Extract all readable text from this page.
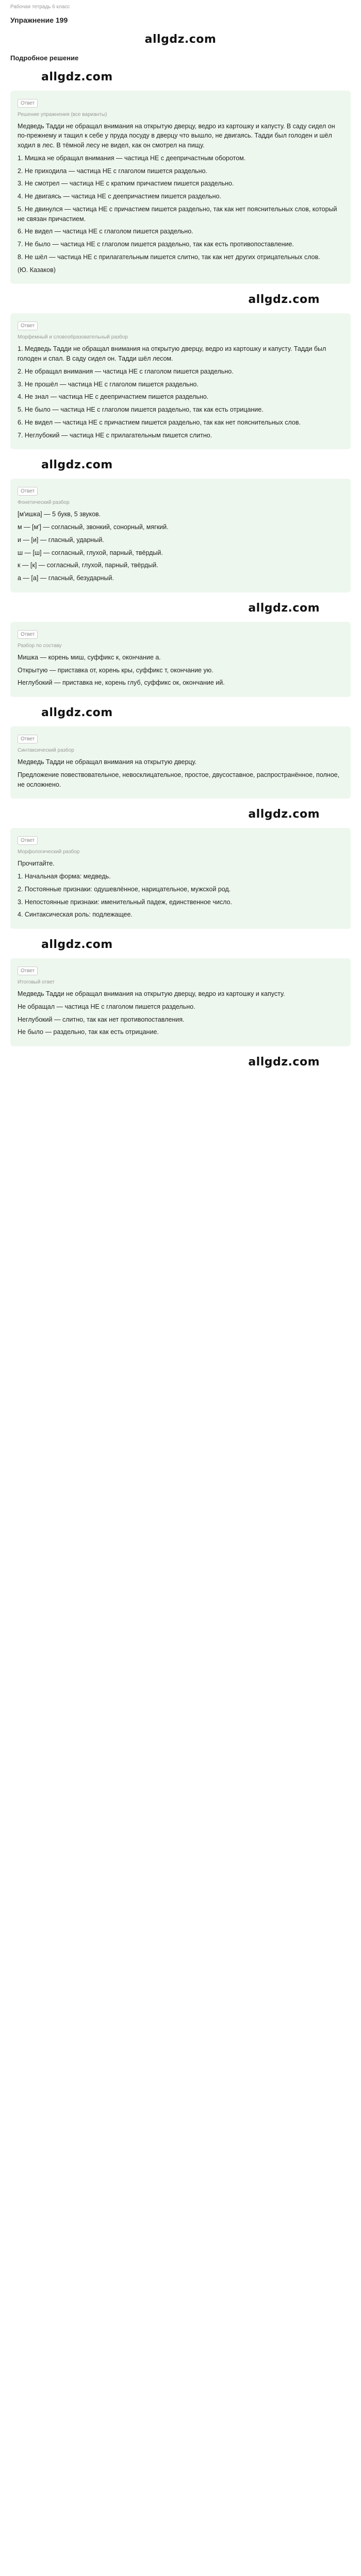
Рабочая тетрадь 6 класс
Упражнение 199
allgdz.com
Подробное решение
allgdz.com
Ответ
Решение упражнения (все варианты)

Медведь Тадди не обращал внимания на открытую дверцу, ведро из картошку и капусту. В саду сидел он по-прежнему и тащил к себе у пруда посуду в дверцу что вышло, не двигаясь. Тадди был голоден и шёл ходил в лес. В тёмной лесу не видел, как он смотрел на пищу.

1. Мишка не обращал внимания — частица НЕ с деепричастным оборотом.

2. Не приходила — частица НЕ с глаголом пишется раздельно.

3. Не смотрел — частица НЕ с кратким причастием пишется раздельно.

4. Не двигаясь — частица НЕ с деепричастием пишется раздельно.

5. Не двинулся — частица НЕ с причастием пишется раздельно, так как нет пояснительных слов, который не связан причастием.

6. Не видел — частица НЕ с глаголом пишется раздельно.

7. Не было — частица НЕ с глаголом пишется раздельно, так как есть противопоставление.

8. Не шёл — частица НЕ с прилагательным пишется слитно, так как нет других отрицательных слов.

(Ю. Казаков)

allgdz.com
Ответ
Морфемный и словообразовательный разбор

1. Медведь Тадди не обращал внимания на открытую дверцу, ведро из картошку и капусту. Тадди был голоден и спал. В саду сидел он. Тадди шёл лесом.

2. Не обращал внимания — частица НЕ с глаголом пишется раздельно.

3. Не прошёл — частица НЕ с глаголом пишется раздельно.

4. Не знал — частица НЕ с деепричастием пишется раздельно.

5. Не было — частица НЕ с глаголом пишется раздельно, так как есть отрицание.

6. Не видел — частица НЕ с причастием пишется раздельно, так как нет пояснительных слов.

7. Неглубокий — частица НЕ с прилагательным пишется слитно.

allgdz.com
Ответ
Фонетический разбор

[м'ишка] — 5 букв, 5 звуков.

м — [м'] — согласный, звонкий, сонорный, мягкий.

и — [и] — гласный, ударный.

ш — [ш] — согласный, глухой, парный, твёрдый.

к — [к] — согласный, глухой, парный, твёрдый.

а — [а] — гласный, безударный.

allgdz.com
Ответ
Разбор по составу

Мишка — корень миш, суффикс к, окончание а.

Открытую — приставка от, корень кры, суффикс т, окончание ую.

Неглубокий — приставка не, корень глуб, суффикс ок, окончание ий.

allgdz.com
Ответ
Синтаксический разбор

Медведь Тадди не обращал внимания на открытую дверцу.

Предложение повествовательное, невосклицательное, простое, двусоставное, распространённое, полное, не осложнено.

allgdz.com
Ответ
Морфологический разбор

Прочитайте.

1. Начальная форма: медведь.

2. Постоянные признаки: одушевлённое, нарицательное, мужской род.

3. Непостоянные признаки: именительный падеж, единственное число.

4. Синтаксическая роль: подлежащее.

allgdz.com
Ответ
Итоговый ответ

Медведь Тадди не обращал внимания на открытую дверцу, ведро из картошку и капусту.

Не обращал — частица НЕ с глаголом пишется раздельно.

Неглубокий — слитно, так как нет противопоставления.

Не было — раздельно, так как есть отрицание.

allgdz.com
